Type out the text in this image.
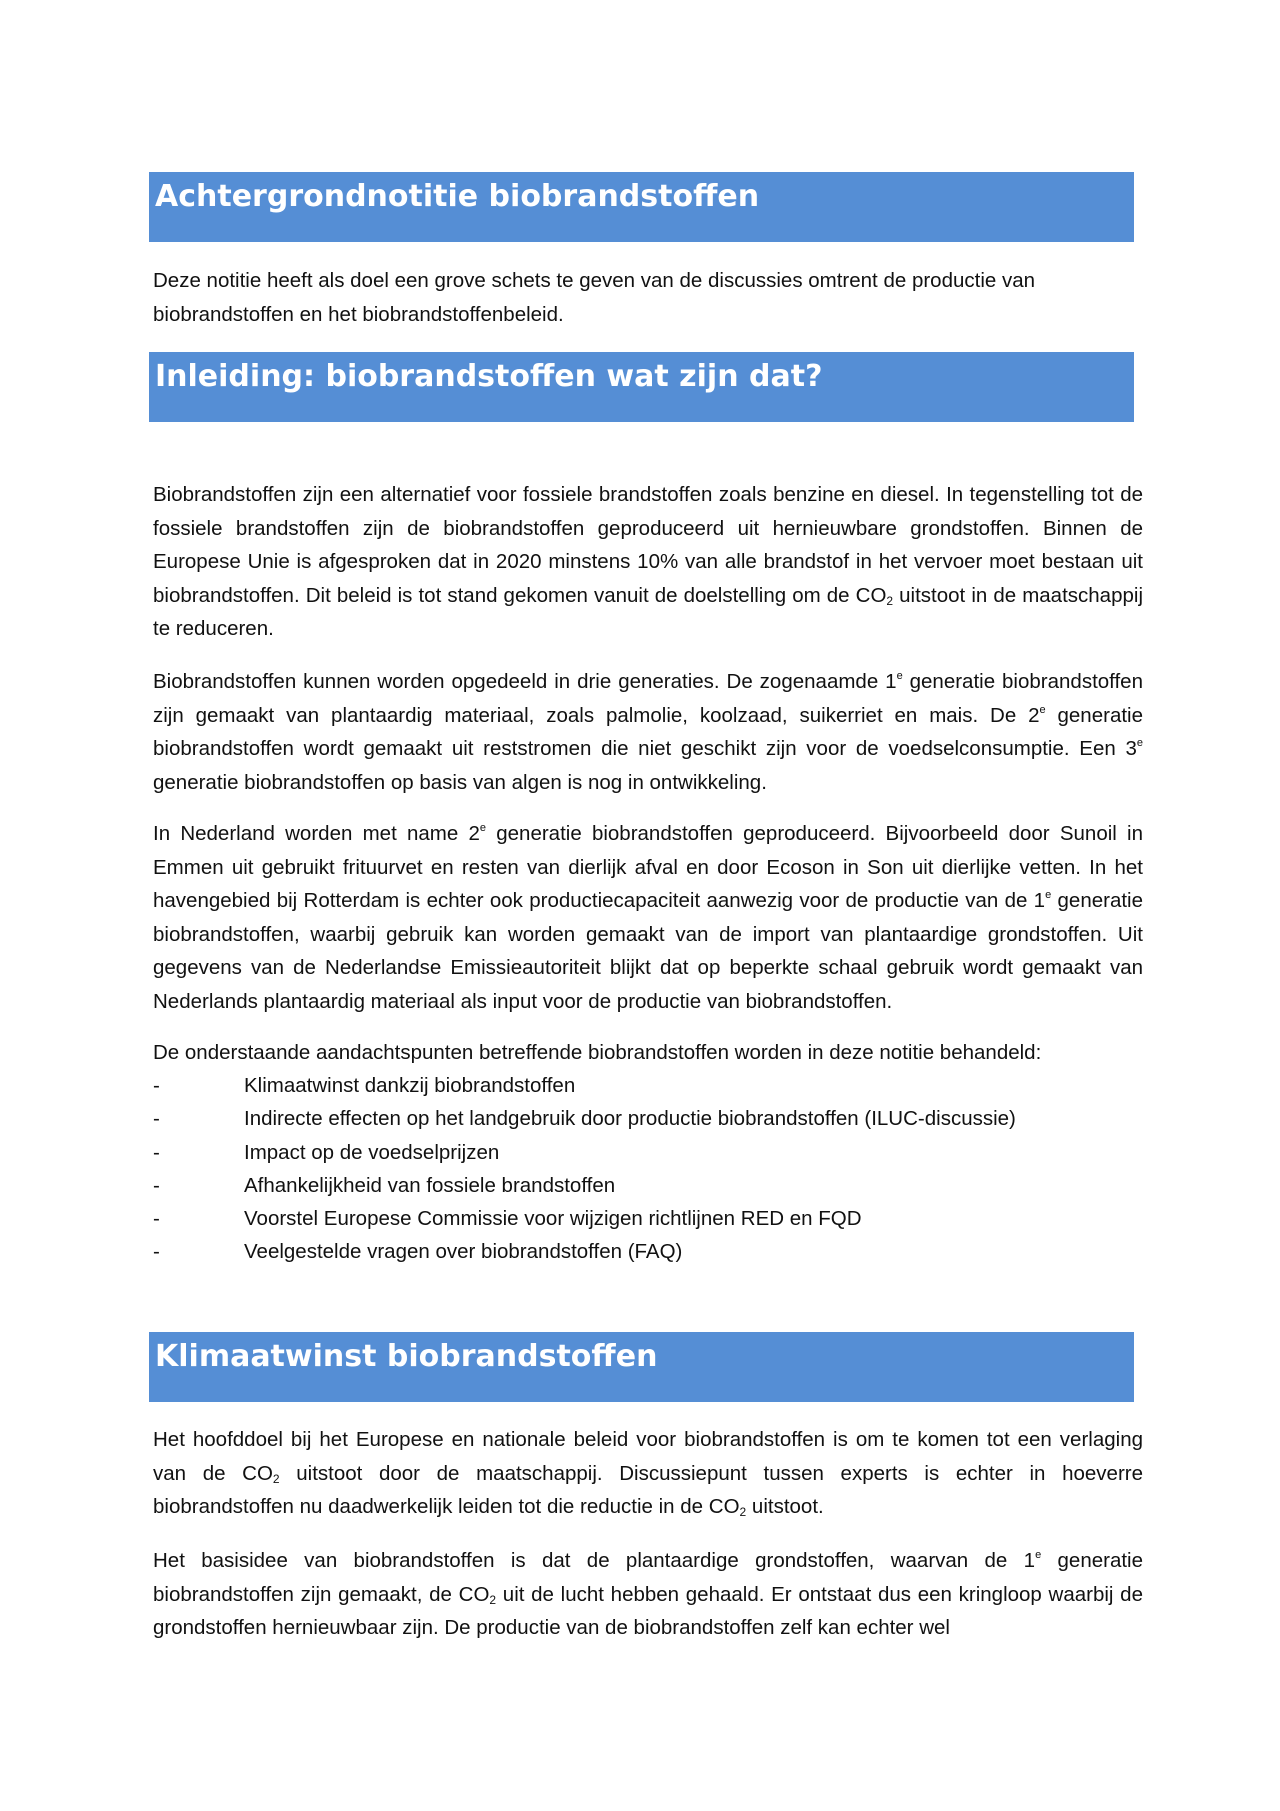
Achtergrondnotitie biobrandstoffen

Deze notitie heeft als doel een grove schets te geven van de discussies omtrent de productie van biobrandstoffen en het biobrandstoffenbeleid.

Inleiding: biobrandstoffen wat zijn dat?

Biobrandstoffen zijn een alternatief voor fossiele brandstoffen zoals benzine en diesel. In tegenstelling tot de fossiele brandstoffen zijn de biobrandstoffen geproduceerd uit hernieuwbare grondstoffen. Binnen de Europese Unie is afgesproken dat in 2020 minstens 10% van alle brandstof in het vervoer moet bestaan uit biobrandstoffen. Dit beleid is tot stand gekomen vanuit de doelstelling om de $CO_2$ uitstoot in de maatschappij te reduceren.

Biobrandstoffen kunnen worden opgedeeld in drie generaties. De zogenaamde 1e generatie biobrandstoffen zijn gemaakt van plantaardig materiaal, zoals palmolie, koolzaad, suikerriet en mais. De 2e generatie biobrandstoffen wordt gemaakt uit reststromen die niet geschikt zijn voor de voedselconsumptie. Een 3e generatie biobrandstoffen op basis van algen is nog in ontwikkeling.

In Nederland worden met name 2e generatie biobrandstoffen geproduceerd. Bijvoorbeeld door Sunoil in Emmen uit gebruikt frituurvet en resten van dierlijk afval en door Ecoson in Son uit dierlijke vetten. In het havengebied bij Rotterdam is echter ook productiecapaciteit aanwezig voor de productie van de 1e generatie biobrandstoffen, waarbij gebruik kan worden gemaakt van de import van plantaardige grondstoffen. Uit gegevens van de Nederlandse Emissieautoriteit blijkt dat op beperkte schaal gebruik wordt gemaakt van Nederlands plantaardig materiaal als input voor de productie van biobrandstoffen.

De onderstaande aandachtspunten betreffende biobrandstoffen worden in deze notitie behandeld:

-	Klimaatwinst dankzij biobrandstoffen
-	Indirecte effecten op het landgebruik door productie biobrandstoffen (ILUC-discussie)
-	Impact op de voedselprijzen
-	Afhankelijkheid van fossiele brandstoffen
-	Voorstel Europese Commissie voor wijzigen richtlijnen RED en FQD
-	Veelgestelde vragen over biobrandstoffen (FAQ)
Klimaatwinst biobrandstoffen

Het hoofddoel bij het Europese en nationale beleid voor biobrandstoffen is om te komen tot een verlaging van de $CO_2$ uitstoot door de maatschappij. Discussiepunt tussen experts is echter in hoeverre biobrandstoffen nu daadwerkelijk leiden tot die reductie in de $CO_2$ uitstoot.

Het basisidee van biobrandstoffen is dat de plantaardige grondstoffen, waarvan de 1e generatie biobrandstoffen zijn gemaakt, de $CO_2$ uit de lucht hebben gehaald. Er ontstaat dus een kringloop waarbij de grondstoffen hernieuwbaar zijn. De productie van de biobrandstoffen zelf kan echter wel
